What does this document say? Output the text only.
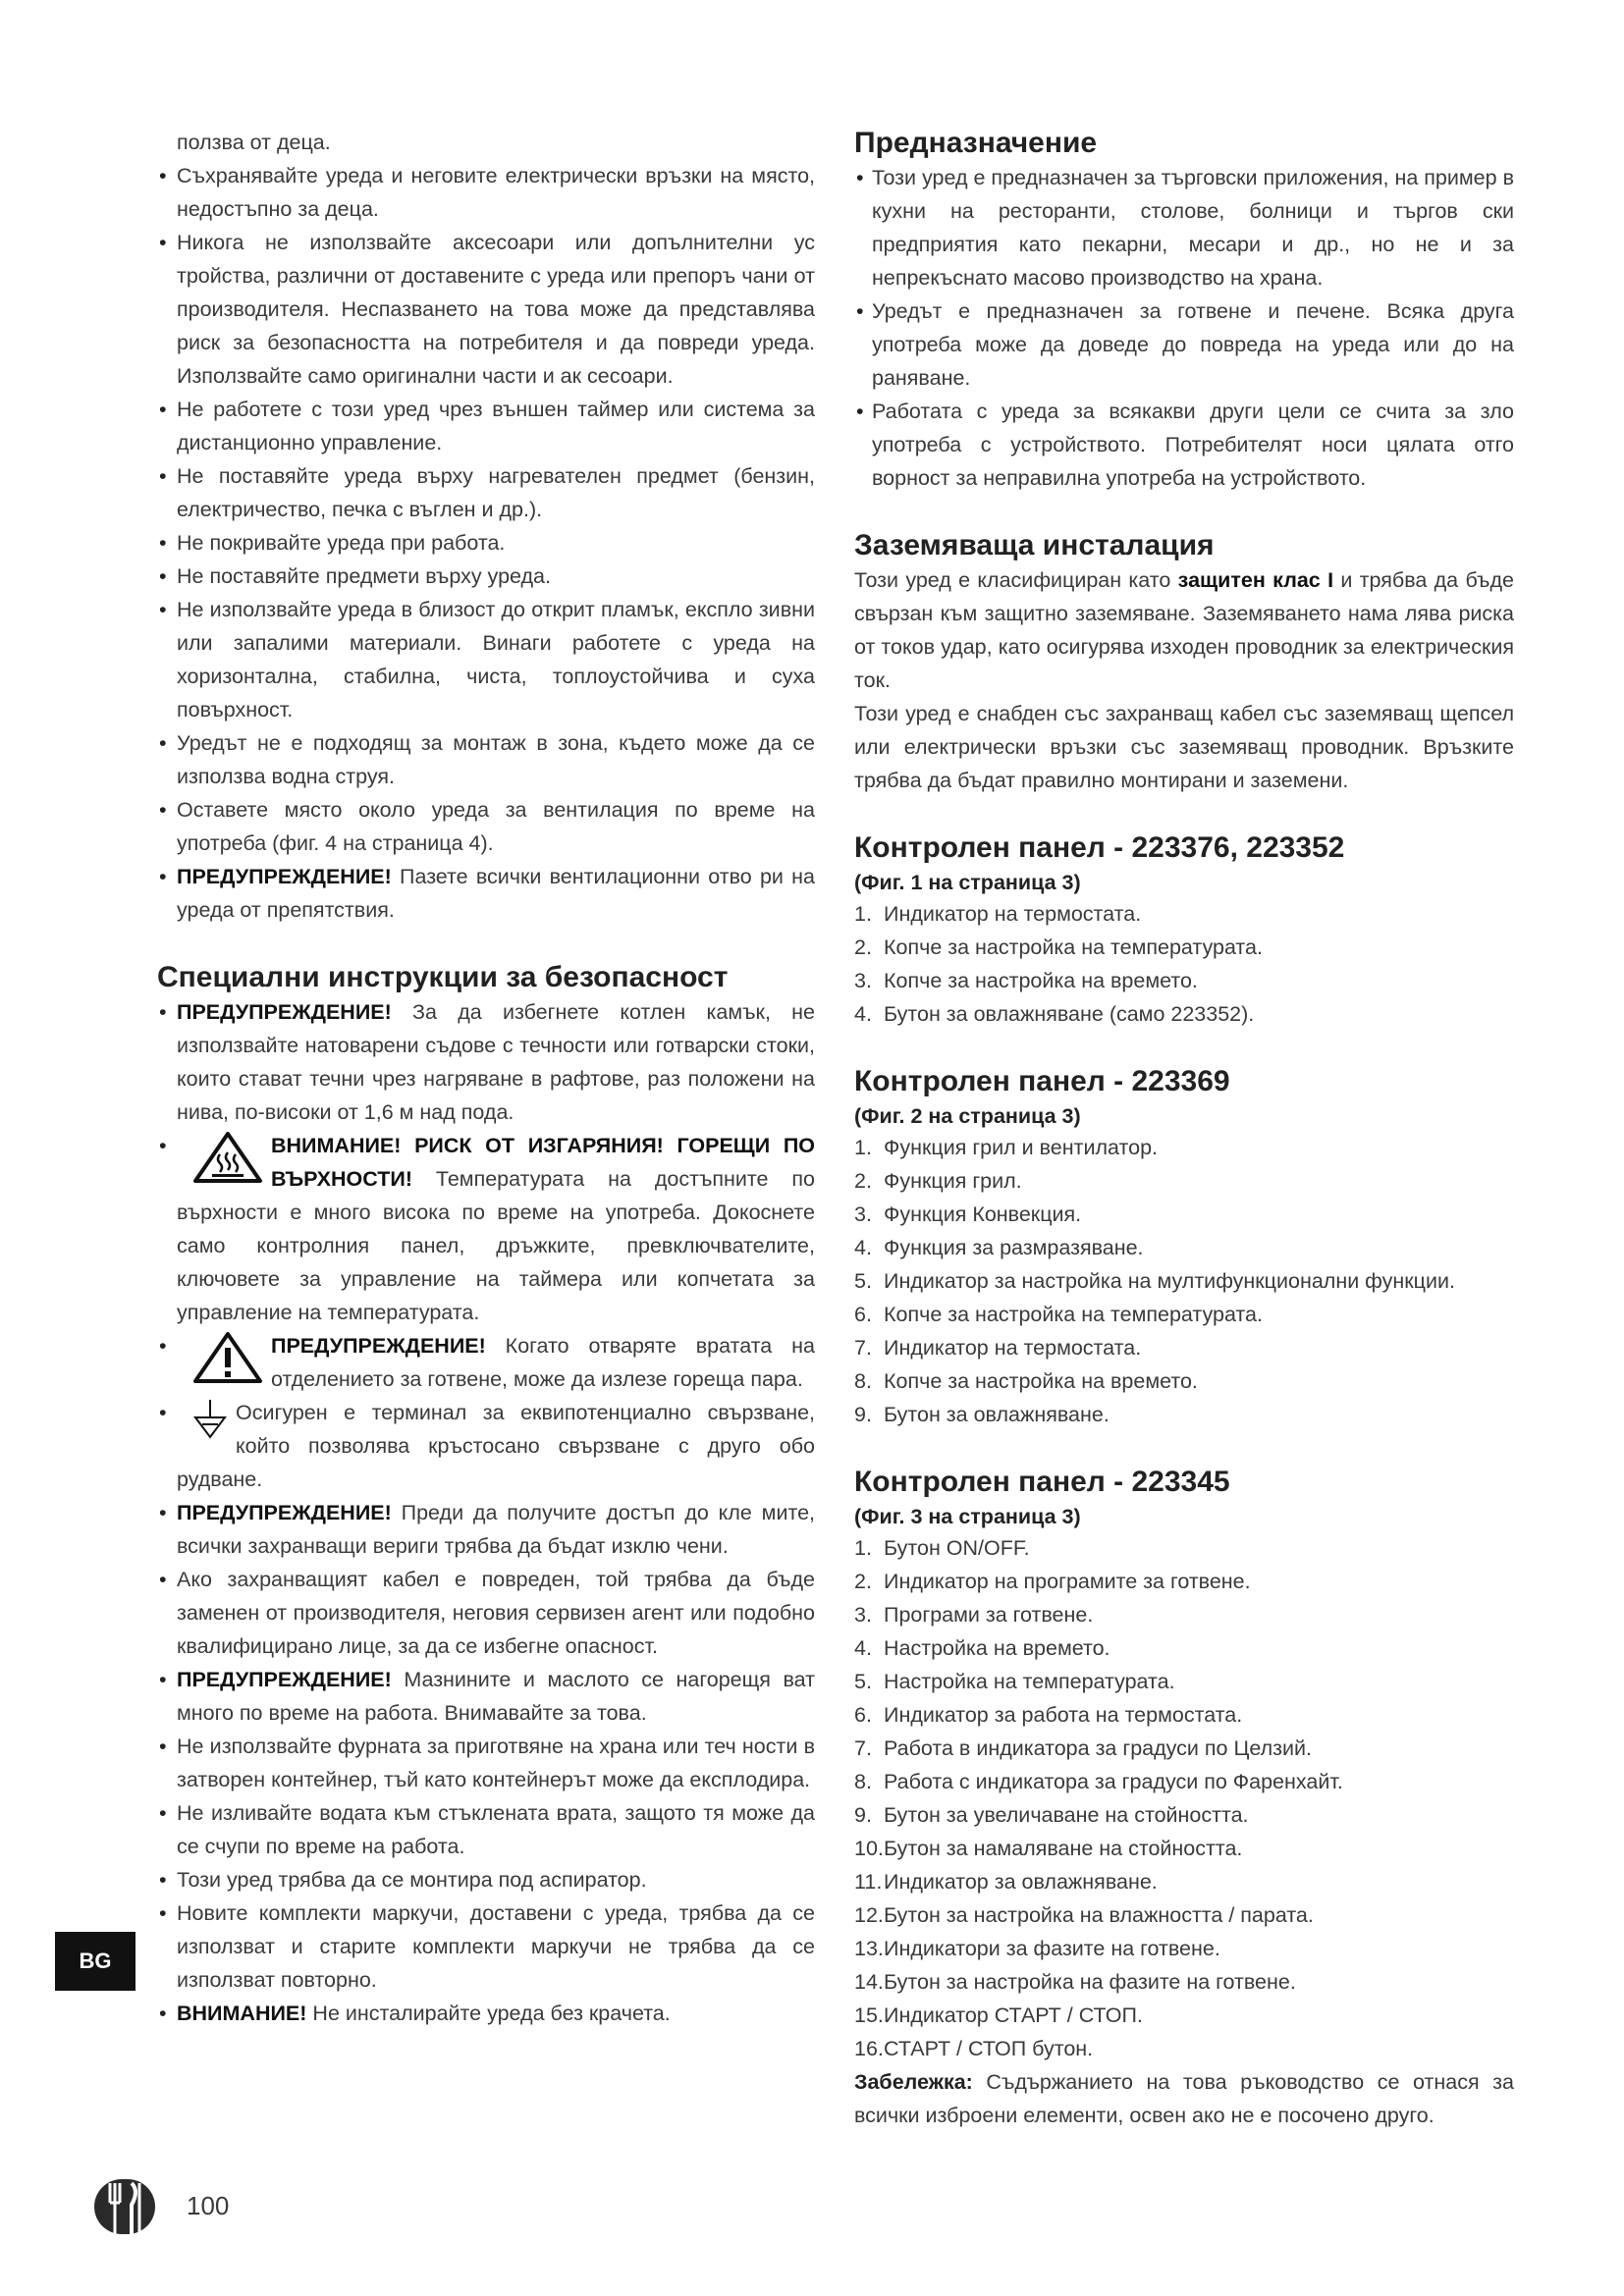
ползва от деца.

• Съхранявайте уреда и неговите електрически връзки на място, недостъпно за деца.
• Никога не използвайте аксесоари или допълнителни ус тройства, различни от доставените с уреда или препоръ чани от производителя. Неспазването на това може да представлява риск за безопасността на потребителя и да повреди уреда. Използвайте само оригинални части и ак сесоари.
• Не работете с този уред чрез външен таймер или система за дистанционно управление.
• Не поставяйте уреда върху нагревателен предмет (бензин, електричество, печка с въглен и др.).
• Не покривайте уреда при работа.
• Не поставяйте предмети върху уреда.
• Не използвайте уреда в близост до открит пламък, експло зивни или запалими материали. Винаги работете с уреда на хоризонтална, стабилна, чиста, топлоустойчива и суха повърхност.
• Уредът не е подходящ за монтаж в зона, където може да се използва водна струя.
• Оставете място около уреда за вентилация по време на употреба (фиг. 4 на страница 4).
• ПРЕДУПРЕЖДЕНИЕ! Пазете всички вентилационни отво ри на уреда от препятствия.
Специални инструкции за безопасност
• ПРЕДУПРЕЖДЕНИЕ! За да избегнете котлен камък, не използвайте натоварени съдове с течности или готварски стоки, които стават течни чрез нагряване в рафтове, раз положени на нива, по-високи от 1,6 м над пода.
• ВНИМАНИЕ! РИСК ОТ ИЗГАРЯНИЯ! ГОРЕЩИ ПО ВЪРХНОСТИ! Температурата на достъпните по върхности е много висока по време на употреба. Докоснете само контролния панел, дръжките, превключвателите, ключовете за управление на таймера или копчетата за управление на температурата.
• ПРЕДУПРЕЖДЕНИЕ! Когато отваряте вратата на отделението за готвене, може да излезе гореща пара.
• Осигурен е терминал за еквипотенциално свързване, който позволява кръстосано свързване с друго обо рудване.
• ПРЕДУПРЕЖДЕНИЕ! Преди да получите достъп до кле мите, всички захранващи вериги трябва да бъдат изклю чени.
• Ако захранващият кабел е повреден, той трябва да бъде заменен от производителя, неговия сервизен агент или подобно квалифицирано лице, за да се избегне опасност.
• ПРЕДУПРЕЖДЕНИЕ! Мазнините и маслото се нагорещя ват много по време на работа. Внимавайте за това.
• Не използвайте фурната за приготвяне на храна или теч ности в затворен контейнер, тъй като контейнерът може да експлодира.
• Не изливайте водата към стъклената врата, защото тя може да се счупи по време на работа.
• Този уред трябва да се монтира под аспиратор.
• Новите комплекти маркучи, доставени с уреда, трябва да се използват и старите комплекти маркучи не трябва да се използват повторно.
• ВНИМАНИЕ! Не инсталирайте уреда без крачета.
Предназначение
• Този уред е предназначен за търговски приложения, на пример в кухни на ресторанти, столове, болници и търгов ски предприятия като пекарни, месари и др., но не и за непрекъснато масово производство на храна.
• Уредът е предназначен за готвене и печене. Всяка друга употреба може да доведе до повреда на уреда или до на раняване.
• Работата с уреда за всякакви други цели се счита за зло употреба с устройството. Потребителят носи цялата отго ворност за неправилна употреба на устройството.
Заземяваща инсталация

Този уред е класифициран като защитен клас I и трябва да бъде свързан към защитно заземяване. Заземяването нама лява риска от токов удар, като осигурява изходен проводник за електрическия ток.

Този уред е снабден със захранващ кабел със заземяващ щепсел или електрически връзки със заземяващ проводник. Връзките трябва да бъдат правилно монтирани и заземени.

Контролен панел - 223376, 223352

(Фиг. 1 на страница 3)

1. Индикатор на термостата.
2. Копче за настройка на температурата.
3. Копче за настройка на времето.
4. Бутон за овлажняване (само 223352).
Контролен панел - 223369

(Фиг. 2 на страница 3)

1. Функция грил и вентилатор.
2. Функция грил.
3. Функция Конвекция.
4. Функция за размразяване.
5. Индикатор за настройка на мултифункционални функции.
6. Копче за настройка на температурата.
7. Индикатор на термостата.
8. Копче за настройка на времето.
9. Бутон за овлажняване.
Контролен панел - 223345

(Фиг. 3 на страница 3)

1. Бутон ON/OFF.
2. Индикатор на програмите за готвене.
3. Програми за готвене.
4. Настройка на времето.
5. Настройка на температурата.
6. Индикатор за работа на термостата.
7. Работа в индикатора за градуси по Целзий.
8. Работа с индикатора за градуси по Фаренхайт.
9. Бутон за увеличаване на стойността.
10.Бутон за намаляване на стойността.
11.Индикатор за овлажняване.
12.Бутон за настройка на влажността / парата.
13.Индикатори за фазите на готвене.
14.Бутон за настройка на фазите на готвене.
15.Индикатор СТАРТ / СТОП.
16.СТАРТ / СТОП бутон.

Забележка: Съдържанието на това ръководство се отнася за всички изброени елементи, освен ако не е посочено друго.

BG
100
